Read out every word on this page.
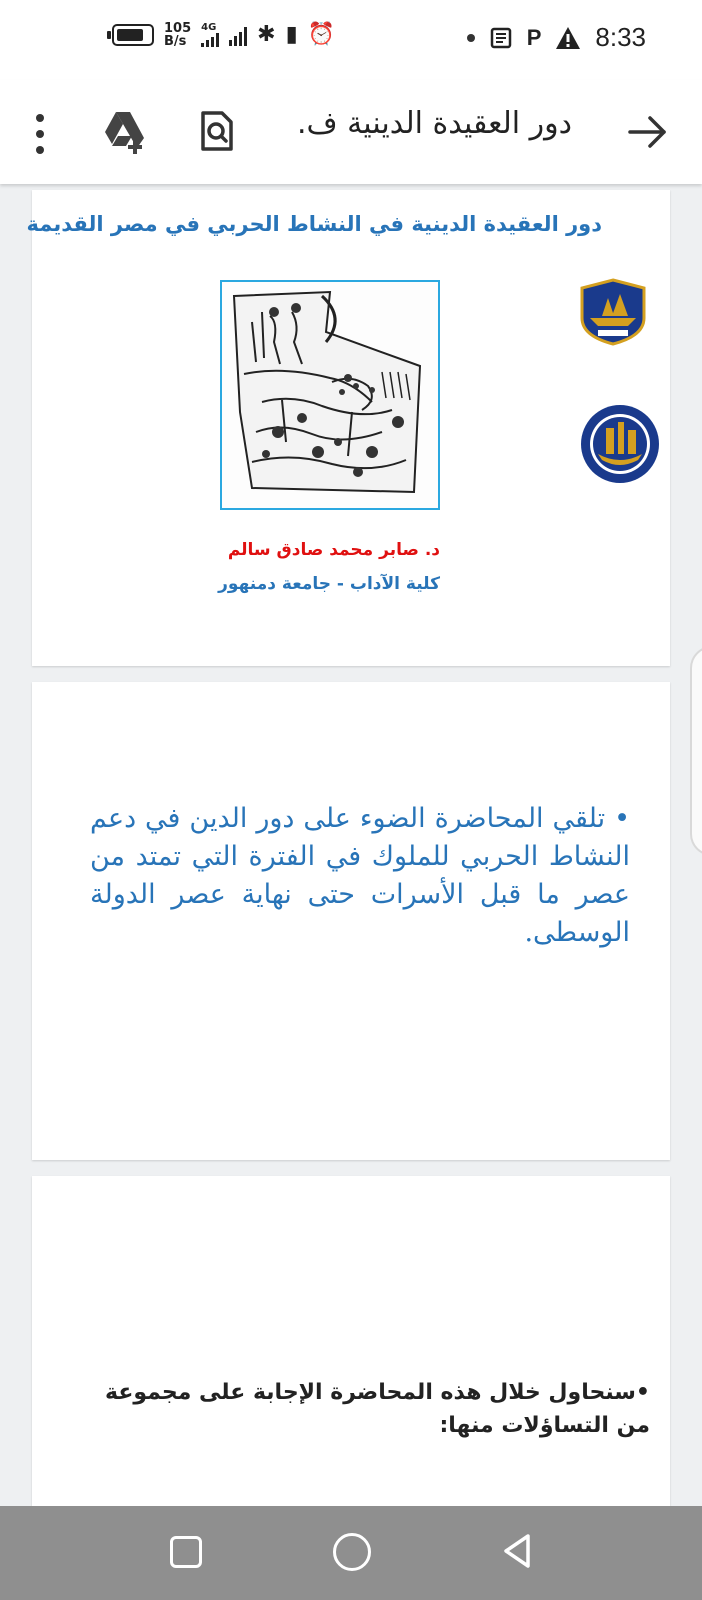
105
B/s
4G ✱ ▮ ⏰	P 8:33
دور العقيدة الدينية ف.
دور العقيدة الدينية في النشاط الحربي في مصر القديمة
د. صابر محمد صادق سالم
كلية الآداب - جامعة دمنهور
• تلقي المحاضرة الضوء على دور الدين في دعم النشاط الحربي للملوك في الفترة التي تمتد من عصر ما قبل الأسرات حتى نهاية عصر الدولة الوسطى.
•سنحاول خلال هذه المحاضرة الإجابة على مجموعة من التساؤلات منها:
